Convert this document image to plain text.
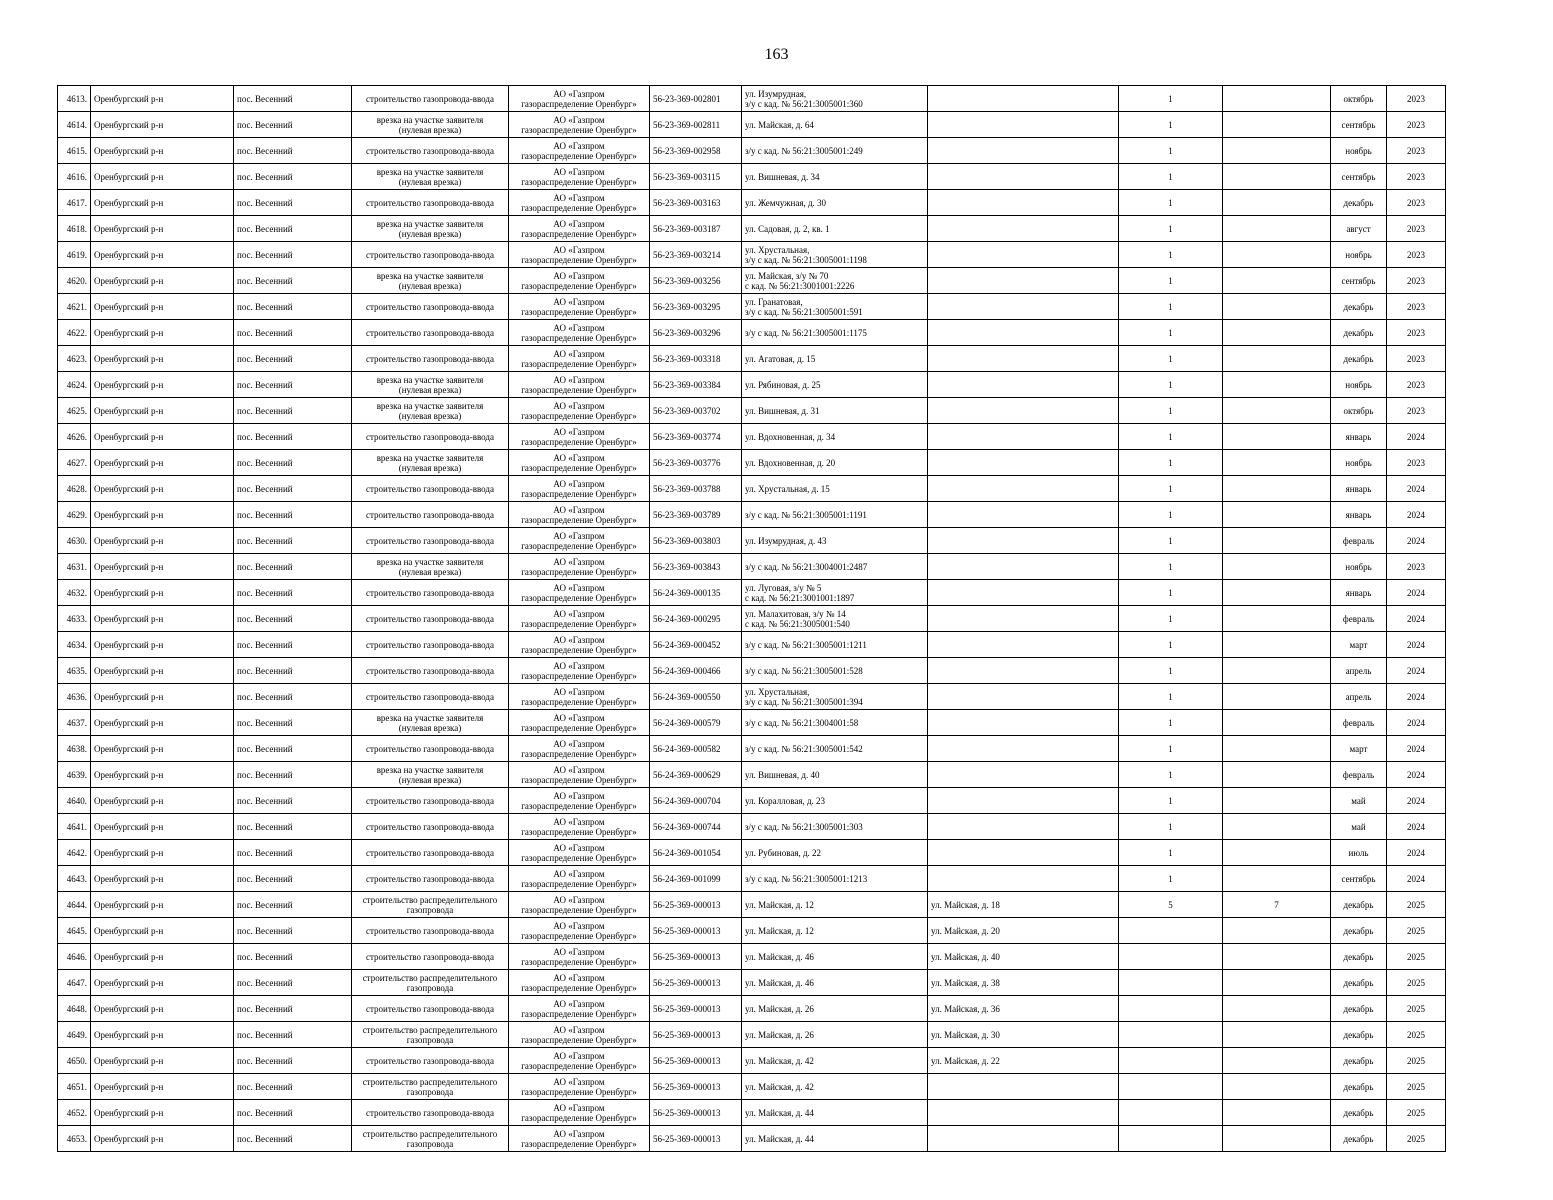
163
4613.	Оренбургский р-н	пос. Весенний	строительство газопровода-ввода	АО «Газпром
газораспределение Оренбург»	56-23-369-002801	ул. Изумрудная,
з/у с кад. № 56:21:3005001:360		1		октябрь	2023
4614.	Оренбургский р-н	пос. Весенний	врезка на участке заявителя
(нулевая врезка)	АО «Газпром
газораспределение Оренбург»	56-23-369-002811	ул. Майская, д. 64		1		сентябрь	2023
4615.	Оренбургский р-н	пос. Весенний	строительство газопровода-ввода	АО «Газпром
газораспределение Оренбург»	56-23-369-002958	з/у с кад. № 56:21:3005001:249		1		ноябрь	2023
4616.	Оренбургский р-н	пос. Весенний	врезка на участке заявителя
(нулевая врезка)	АО «Газпром
газораспределение Оренбург»	56-23-369-003115	ул. Вишневая, д. 34		1		сентябрь	2023
4617.	Оренбургский р-н	пос. Весенний	строительство газопровода-ввода	АО «Газпром
газораспределение Оренбург»	56-23-369-003163	ул. Жемчужная, д. 30		1		декабрь	2023
4618.	Оренбургский р-н	пос. Весенний	врезка на участке заявителя
(нулевая врезка)	АО «Газпром
газораспределение Оренбург»	56-23-369-003187	ул. Садовая, д. 2, кв. 1		1		август	2023
4619.	Оренбургский р-н	пос. Весенний	строительство газопровода-ввода	АО «Газпром
газораспределение Оренбург»	56-23-369-003214	ул. Хрустальная,
з/у с кад. № 56:21:3005001:1198		1		ноябрь	2023
4620.	Оренбургский р-н	пос. Весенний	врезка на участке заявителя
(нулевая врезка)	АО «Газпром
газораспределение Оренбург»	56-23-369-003256	ул. Майская, з/у № 70
с кад. № 56:21:3001001:2226		1		сентябрь	2023
4621.	Оренбургский р-н	пос. Весенний	строительство газопровода-ввода	АО «Газпром
газораспределение Оренбург»	56-23-369-003295	ул. Гранатовая,
з/у с кад. № 56:21:3005001:591		1		декабрь	2023
4622.	Оренбургский р-н	пос. Весенний	строительство газопровода-ввода	АО «Газпром
газораспределение Оренбург»	56-23-369-003296	з/у с кад. № 56:21:3005001:1175		1		декабрь	2023
4623.	Оренбургский р-н	пос. Весенний	строительство газопровода-ввода	АО «Газпром
газораспределение Оренбург»	56-23-369-003318	ул. Агатовая, д. 15		1		декабрь	2023
4624.	Оренбургский р-н	пос. Весенний	врезка на участке заявителя
(нулевая врезка)	АО «Газпром
газораспределение Оренбург»	56-23-369-003384	ул. Рябиновая, д. 25		1		ноябрь	2023
4625.	Оренбургский р-н	пос. Весенний	врезка на участке заявителя
(нулевая врезка)	АО «Газпром
газораспределение Оренбург»	56-23-369-003702	ул. Вишневая, д. 31		1		октябрь	2023
4626.	Оренбургский р-н	пос. Весенний	строительство газопровода-ввода	АО «Газпром
газораспределение Оренбург»	56-23-369-003774	ул. Вдохновенная, д. 34		1		январь	2024
4627.	Оренбургский р-н	пос. Весенний	врезка на участке заявителя
(нулевая врезка)	АО «Газпром
газораспределение Оренбург»	56-23-369-003776	ул. Вдохновенная, д. 20		1		ноябрь	2023
4628.	Оренбургский р-н	пос. Весенний	строительство газопровода-ввода	АО «Газпром
газораспределение Оренбург»	56-23-369-003788	ул. Хрустальная, д. 15		1		январь	2024
4629.	Оренбургский р-н	пос. Весенний	строительство газопровода-ввода	АО «Газпром
газораспределение Оренбург»	56-23-369-003789	з/у с кад. № 56:21:3005001:1191		1		январь	2024
4630.	Оренбургский р-н	пос. Весенний	строительство газопровода-ввода	АО «Газпром
газораспределение Оренбург»	56-23-369-003803	ул. Изумрудная, д. 43		1		февраль	2024
4631.	Оренбургский р-н	пос. Весенний	врезка на участке заявителя
(нулевая врезка)	АО «Газпром
газораспределение Оренбург»	56-23-369-003843	з/у с кад. № 56:21:3004001:2487		1		ноябрь	2023
4632.	Оренбургский р-н	пос. Весенний	строительство газопровода-ввода	АО «Газпром
газораспределение Оренбург»	56-24-369-000135	ул. Луговая, з/у № 5
с кад. № 56:21:3001001:1897		1		январь	2024
4633.	Оренбургский р-н	пос. Весенний	строительство газопровода-ввода	АО «Газпром
газораспределение Оренбург»	56-24-369-000295	ул. Малахитовая, з/у № 14
с кад. № 56:21:3005001:540		1		февраль	2024
4634.	Оренбургский р-н	пос. Весенний	строительство газопровода-ввода	АО «Газпром
газораспределение Оренбург»	56-24-369-000452	з/у с кад. № 56:21:3005001:1211		1		март	2024
4635.	Оренбургский р-н	пос. Весенний	строительство газопровода-ввода	АО «Газпром
газораспределение Оренбург»	56-24-369-000466	з/у с кад. № 56:21:3005001:528		1		апрель	2024
4636.	Оренбургский р-н	пос. Весенний	строительство газопровода-ввода	АО «Газпром
газораспределение Оренбург»	56-24-369-000550	ул. Хрустальная,
з/у с кад. № 56:21:3005001:394		1		апрель	2024
4637.	Оренбургский р-н	пос. Весенний	врезка на участке заявителя
(нулевая врезка)	АО «Газпром
газораспределение Оренбург»	56-24-369-000579	з/у с кад. № 56:21:3004001:58		1		февраль	2024
4638.	Оренбургский р-н	пос. Весенний	строительство газопровода-ввода	АО «Газпром
газораспределение Оренбург»	56-24-369-000582	з/у с кад. № 56:21:3005001:542		1		март	2024
4639.	Оренбургский р-н	пос. Весенний	врезка на участке заявителя
(нулевая врезка)	АО «Газпром
газораспределение Оренбург»	56-24-369-000629	ул. Вишневая, д. 40		1		февраль	2024
4640.	Оренбургский р-н	пос. Весенний	строительство газопровода-ввода	АО «Газпром
газораспределение Оренбург»	56-24-369-000704	ул. Коралловая, д. 23		1		май	2024
4641.	Оренбургский р-н	пос. Весенний	строительство газопровода-ввода	АО «Газпром
газораспределение Оренбург»	56-24-369-000744	з/у с кад. № 56:21:3005001:303		1		май	2024
4642.	Оренбургский р-н	пос. Весенний	строительство газопровода-ввода	АО «Газпром
газораспределение Оренбург»	56-24-369-001054	ул. Рубиновая, д. 22		1		июль	2024
4643.	Оренбургский р-н	пос. Весенний	строительство газопровода-ввода	АО «Газпром
газораспределение Оренбург»	56-24-369-001099	з/у с кад. № 56:21:3005001:1213		1		сентябрь	2024
4644.	Оренбургский р-н	пос. Весенний	строительство распределительного
газопровода	АО «Газпром
газораспределение Оренбург»	56-25-369-000013	ул. Майская, д. 12	ул. Майская, д. 18	5	7	декабрь	2025
4645.	Оренбургский р-н	пос. Весенний	строительство газопровода-ввода	АО «Газпром
газораспределение Оренбург»	56-25-369-000013	ул. Майская, д. 12	ул. Майская, д. 20			декабрь	2025
4646.	Оренбургский р-н	пос. Весенний	строительство газопровода-ввода	АО «Газпром
газораспределение Оренбург»	56-25-369-000013	ул. Майская, д. 46	ул. Майская, д. 40			декабрь	2025
4647.	Оренбургский р-н	пос. Весенний	строительство распределительного
газопровода	АО «Газпром
газораспределение Оренбург»	56-25-369-000013	ул. Майская, д. 46	ул. Майская, д. 38			декабрь	2025
4648.	Оренбургский р-н	пос. Весенний	строительство газопровода-ввода	АО «Газпром
газораспределение Оренбург»	56-25-369-000013	ул. Майская, д. 26	ул. Майская, д. 36			декабрь	2025
4649.	Оренбургский р-н	пос. Весенний	строительство распределительного
газопровода	АО «Газпром
газораспределение Оренбург»	56-25-369-000013	ул. Майская, д. 26	ул. Майская, д. 30			декабрь	2025
4650.	Оренбургский р-н	пос. Весенний	строительство газопровода-ввода	АО «Газпром
газораспределение Оренбург»	56-25-369-000013	ул. Майская, д. 42	ул. Майская, д. 22			декабрь	2025
4651.	Оренбургский р-н	пос. Весенний	строительство распределительного
газопровода	АО «Газпром
газораспределение Оренбург»	56-25-369-000013	ул. Майская, д. 42				декабрь	2025
4652.	Оренбургский р-н	пос. Весенний	строительство газопровода-ввода	АО «Газпром
газораспределение Оренбург»	56-25-369-000013	ул. Майская, д. 44				декабрь	2025
4653.	Оренбургский р-н	пос. Весенний	строительство распределительного
газопровода	АО «Газпром
газораспределение Оренбург»	56-25-369-000013	ул. Майская, д. 44				декабрь	2025
